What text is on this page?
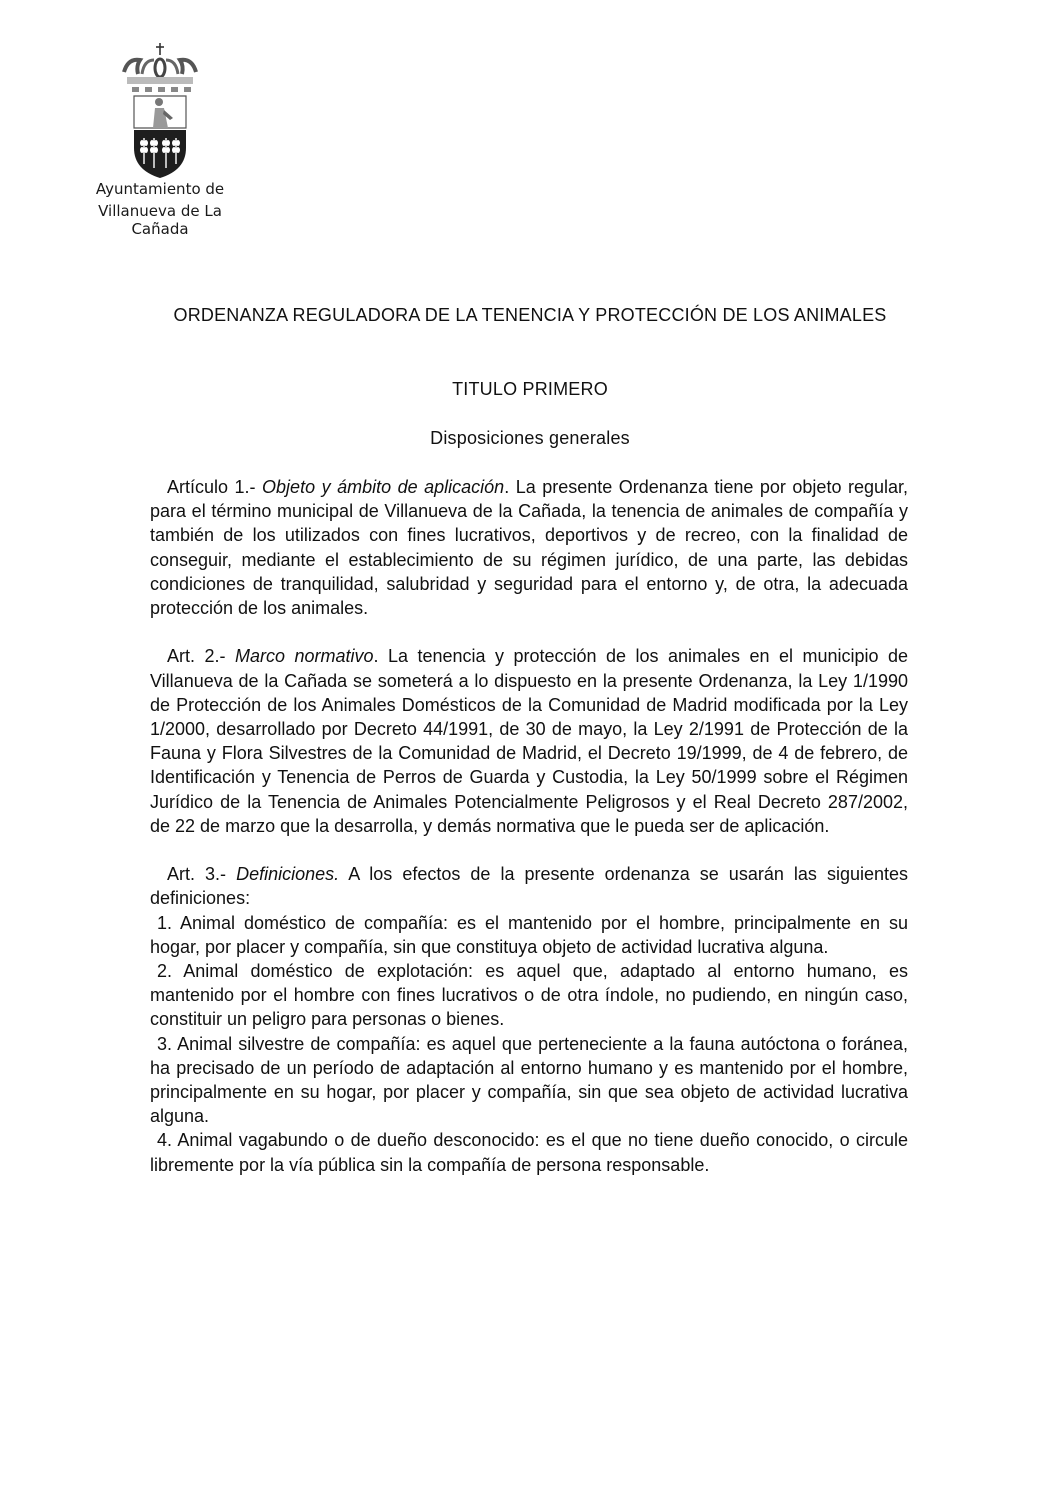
Ayuntamiento de
Villanueva de La Cañada
ORDENANZA REGULADORA DE LA TENENCIA Y PROTECCIÓN DE LOS ANIMALES
TITULO PRIMERO
Disposiciones generales

Artículo 1.- Objeto y ámbito de aplicación. La presente Ordenanza tiene por objeto regular, para el término municipal de Villanueva de la Cañada, la tenencia de animales de compañía y también de los utilizados con fines lucrativos, deportivos y de recreo, con la finalidad de conseguir, mediante el establecimiento de su régimen jurídico, de una parte, las debidas condiciones de tranquilidad, salubridad y seguridad para el entorno y, de otra, la adecuada protección de los animales.

Art. 2.- Marco normativo. La tenencia y protección de los animales en el municipio de Villanueva de la Cañada se someterá a lo dispuesto en la presente Ordenanza, la Ley 1/1990 de Protección de los Animales Domésticos de la Comunidad de Madrid modificada por la Ley 1/2000, desarrollado por Decreto 44/1991, de 30 de mayo, la Ley 2/1991 de Protección de la Fauna y Flora Silvestres de la Comunidad de Madrid, el Decreto 19/1999, de 4 de febrero, de Identificación y Tenencia de Perros de Guarda y Custodia, la Ley 50/1999 sobre el Régimen Jurídico de la Tenencia de Animales Potencialmente Peligrosos y el Real Decreto 287/2002, de 22 de marzo que la desarrolla, y demás normativa que le pueda ser de aplicación.

Art. 3.- Definiciones. A los efectos de la presente ordenanza se usarán las siguientes definiciones:

1. Animal doméstico de compañía: es el mantenido por el hombre, principalmente en su hogar, por placer y compañía, sin que constituya objeto de actividad lucrativa alguna.

2. Animal doméstico de explotación: es aquel que, adaptado al entorno humano, es mantenido por el hombre con fines lucrativos o de otra índole, no pudiendo, en ningún caso, constituir un peligro para personas o bienes.

3. Animal silvestre de compañía: es aquel que perteneciente a la fauna autóctona o foránea, ha precisado de un período de adaptación al entorno humano y es mantenido por el hombre, principalmente en su hogar, por placer y compañía, sin que sea objeto de actividad lucrativa alguna.

4. Animal vagabundo o de dueño desconocido: es el que no tiene dueño conocido, o circule libremente por la vía pública sin la compañía de persona responsable.
